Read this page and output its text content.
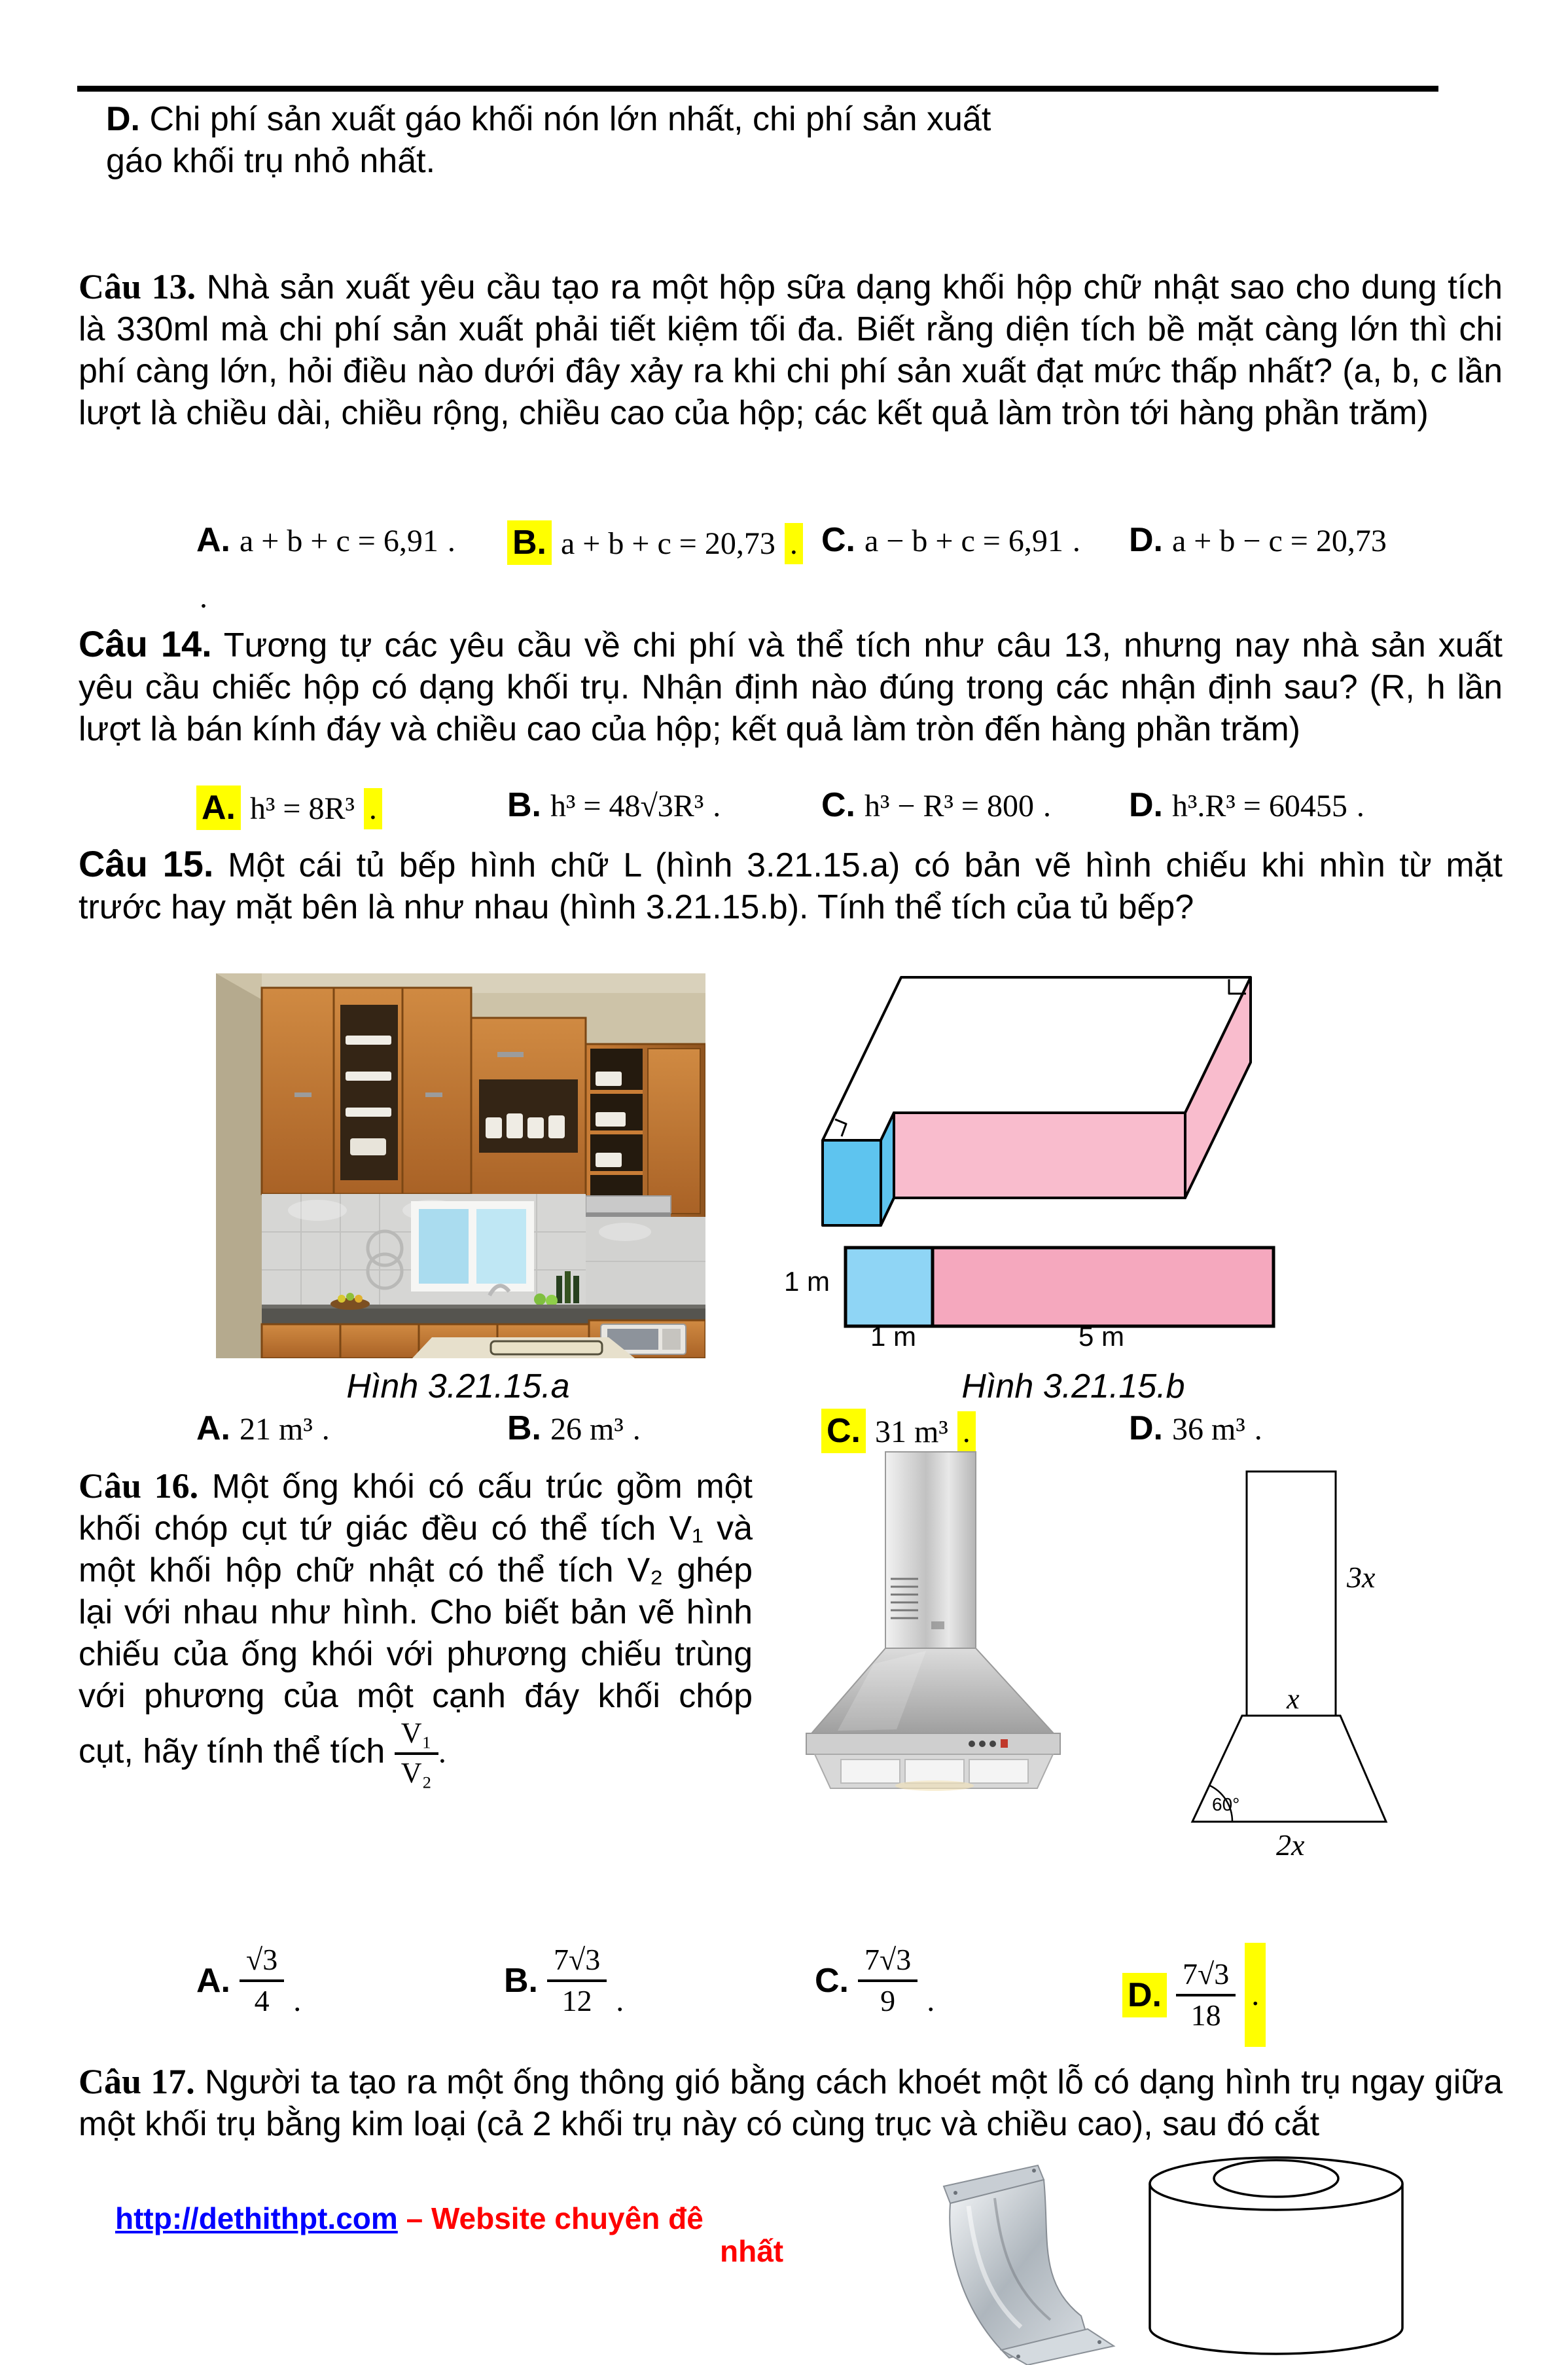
D. Chi phí sản xuất gáo khối nón lớn nhất, chi phí sản xuất gáo khối trụ nhỏ nhất.

Câu 13. Nhà sản xuất yêu cầu tạo ra một hộp sữa dạng khối hộp chữ nhật sao cho dung tích là 330ml mà chi phí sản xuất phải tiết kiệm tối đa. Biết rằng diện tích bề mặt càng lớn thì chi phí càng lớn, hỏi điều nào dưới đây xảy ra khi chi phí sản xuất đạt mức thấp nhất? (a, b, c lần lượt là chiều dài, chiều rộng, chiều cao của hộp; các kết quả làm tròn tới hàng phần trăm)

A. a + b + c = 6,91 . B. a + b + c = 20,73 . C. a − b + c = 6,91 . D. a + b − c = 20,73
.

Câu 14. Tương tự các yêu cầu về chi phí và thể tích như câu 13, nhưng nay nhà sản xuất yêu cầu chiếc hộp có dạng khối trụ. Nhận định nào đúng trong các nhận định sau? (R, h lần lượt là bán kính đáy và chiều cao của hộp; kết quả làm tròn đến hàng phần trăm)

A. h³ = 8R³ .	B. h³ = 48√3R³ .	C. h³ − R³ = 800 . D. h³.R³ = 60455 .

Câu 15. Một cái tủ bếp hình chữ L (hình 3.21.15.a) có bản vẽ hình chiếu khi nhìn từ mặt trước hay mặt bên là như nhau (hình 3.21.15.b). Tính thể tích của tủ bếp?

1 m
1 m	5 m
Hình 3.21.15.a	Hình 3.21.15.b
A. 21 m³ .	B. 26 m³ .	C. 31 m³ .	D. 36 m³ .

Câu 16. Một ống khói có cấu trúc gồm một khối chóp cụt tứ giác đều có thể tích V₁ và một khối hộp chữ nhật có thể tích V₂ ghép lại với nhau như hình. Cho biết bản vẽ hình chiếu của ống khói với phương chiếu trùng với phương của một cạnh đáy khối chóp cụt, hãy tính thể tích $\frac{\text{V₁}}{\text{V₂}}$ .

3x
x
60°
2x
A. $\frac{√3}{4}$ .
B. $\frac{7√3}{12}$ .
C. $\frac{7√3}{9}$ .	D. $\frac{7√3}{18}$ .

Câu 17. Người ta tạo ra một ống thông gió bằng cách khoét một lỗ có dạng hình trụ ngay giữa một khối trụ bằng kim loại (cả 2 khối trụ này có cùng trục và chiều cao), sau đó cắt

http://dethithpt.com – Website chuyên đê
nhất
